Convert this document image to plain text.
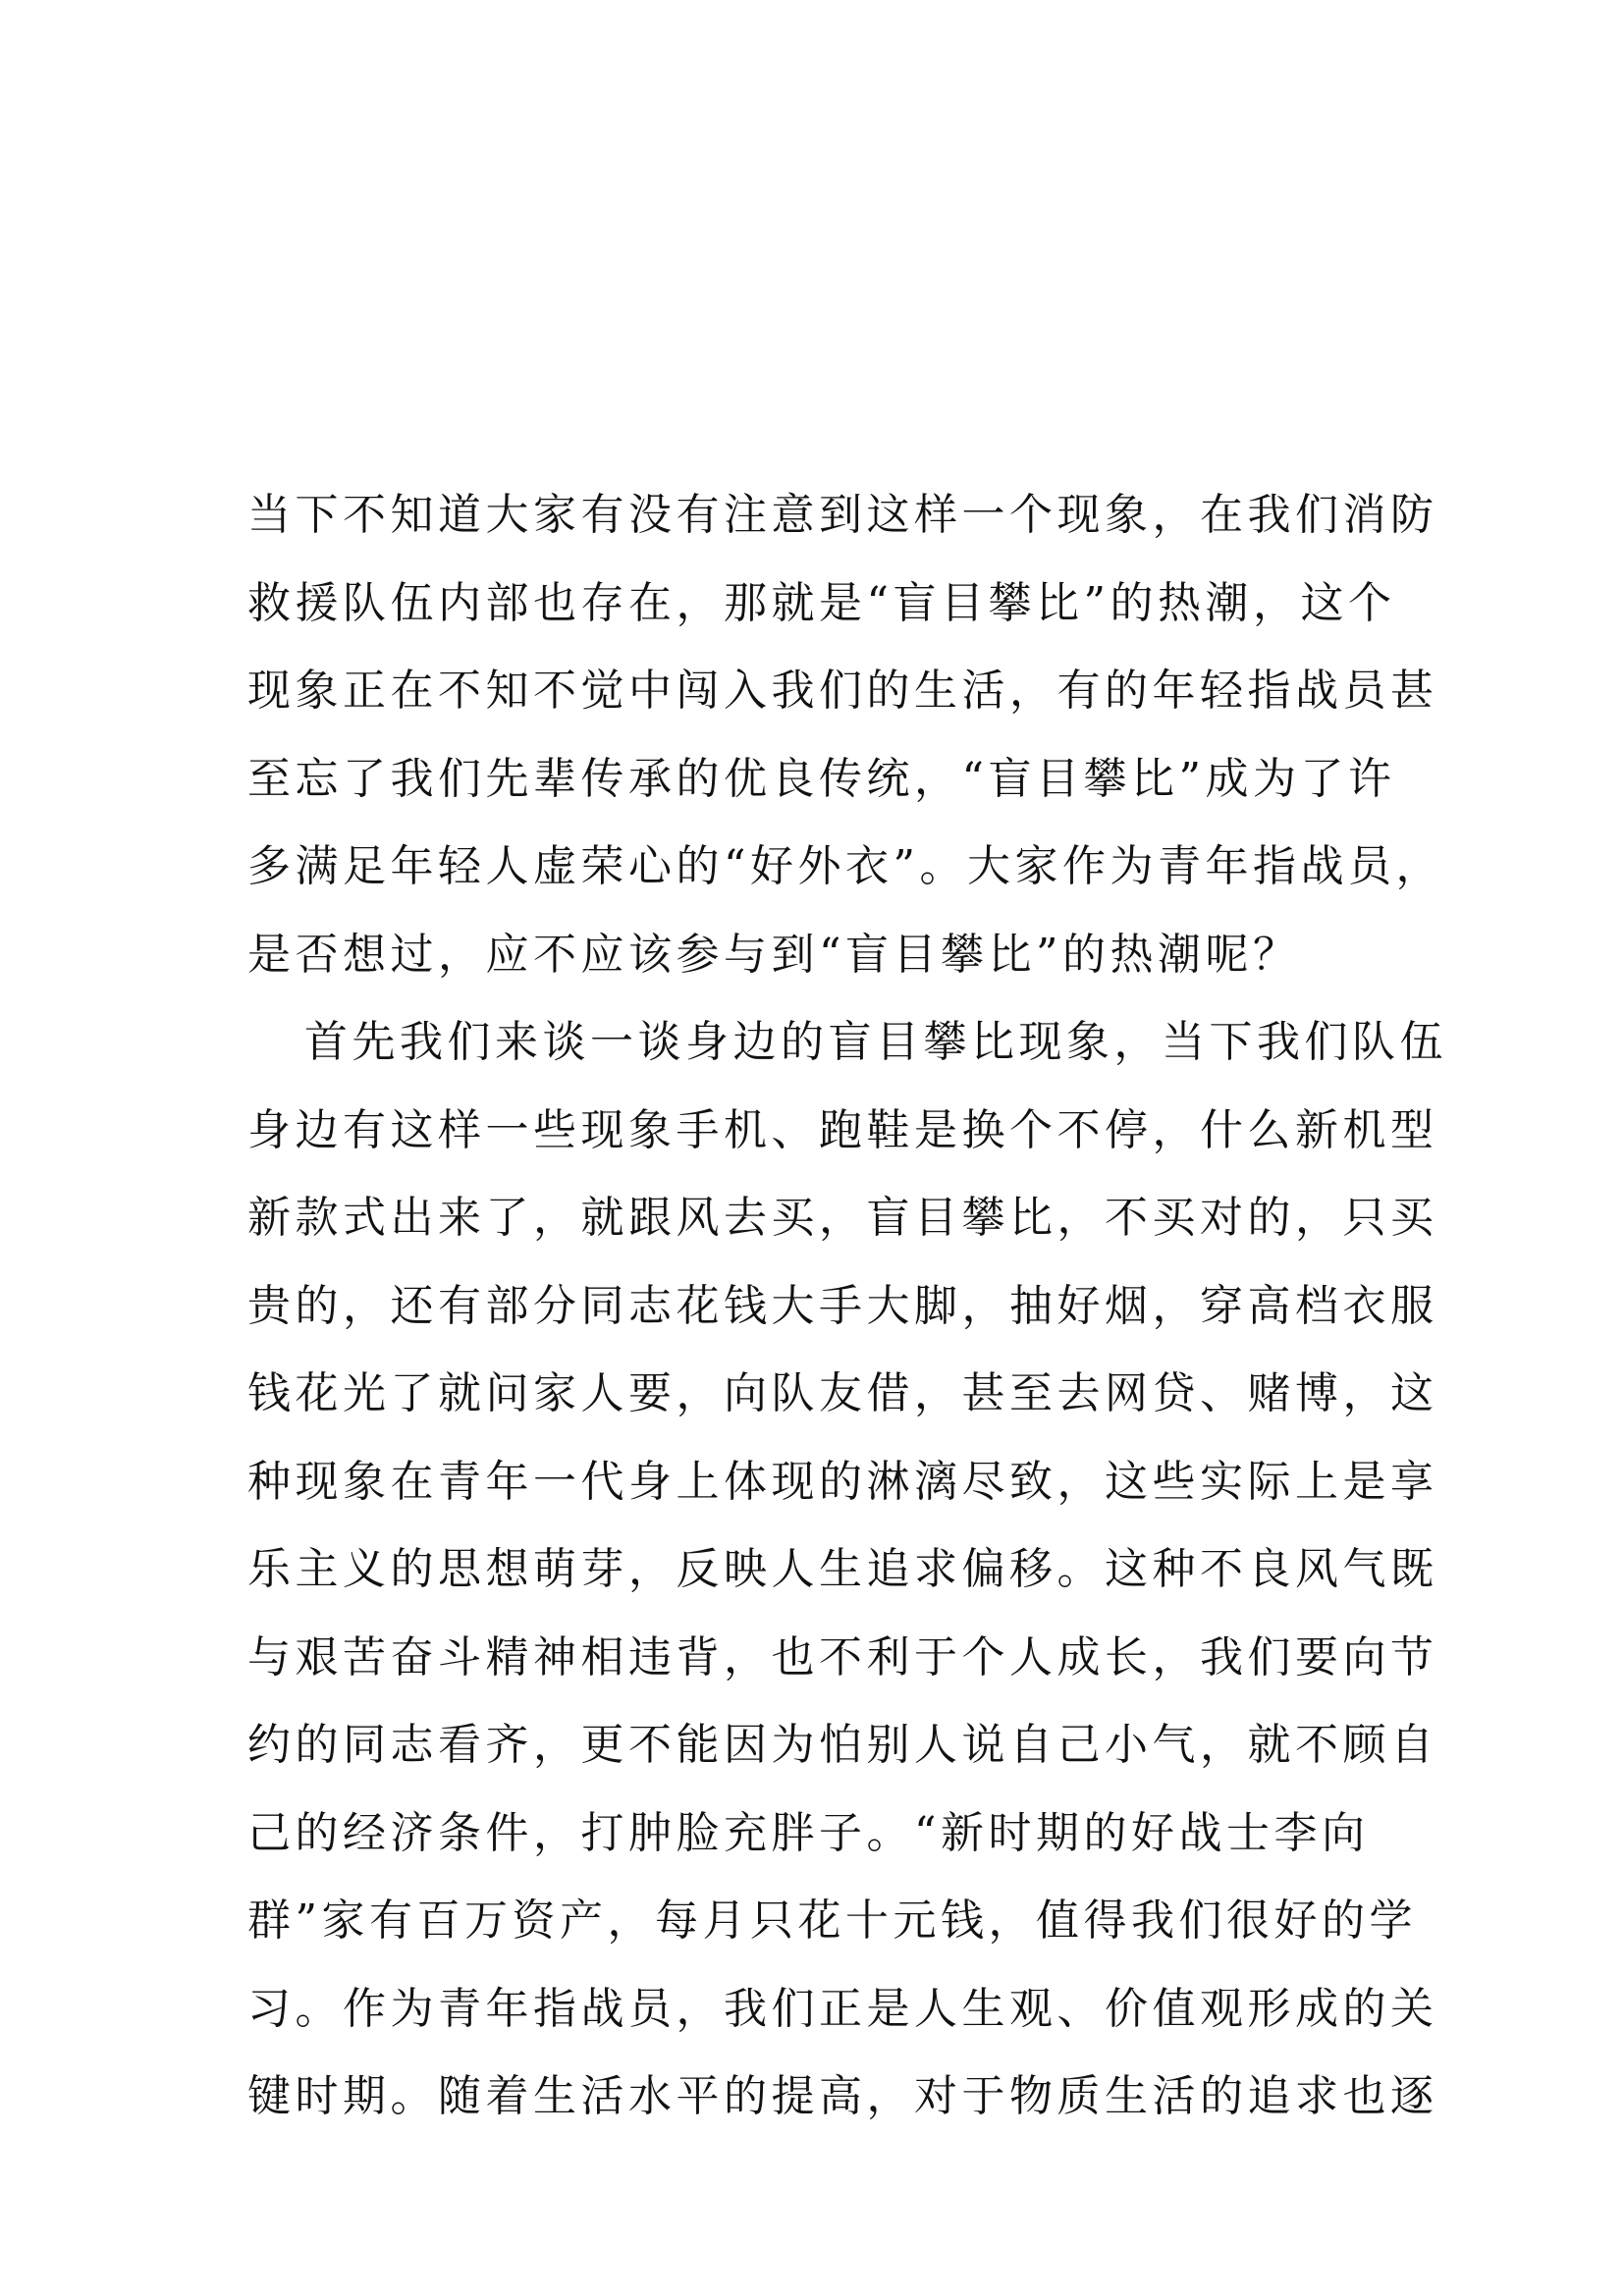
当下不知道大家有没有注意到这样一个现象，在我们消防
救援队伍内部也存在，那就是“盲目攀比”的热潮，这个
现象正在不知不觉中闯入我们的生活，有的年轻指战员甚
至忘了我们先辈传承的优良传统，“盲目攀比”成为了许
多满足年轻人虚荣心的“好外衣”。大家作为青年指战员，
是否想过，应不应该参与到“盲目攀比”的热潮呢？
首先我们来谈一谈身边的盲目攀比现象，当下我们队伍
身边有这样一些现象手机、跑鞋是换个不停，什么新机型
新款式出来了，就跟风去买，盲目攀比，不买对的，只买
贵的，还有部分同志花钱大手大脚，抽好烟，穿高档衣服
钱花光了就问家人要，向队友借，甚至去网贷、赌博，这
种现象在青年一代身上体现的淋漓尽致，这些实际上是享
乐主义的思想萌芽，反映人生追求偏移。这种不良风气既
与艰苦奋斗精神相违背，也不利于个人成长，我们要向节
约的同志看齐，更不能因为怕别人说自己小气，就不顾自
己的经济条件，打肿脸充胖子。“新时期的好战士李向
群”家有百万资产，每月只花十元钱，值得我们很好的学
习。作为青年指战员，我们正是人生观、价值观形成的关
键时期。随着生活水平的提高，对于物质生活的追求也逐
